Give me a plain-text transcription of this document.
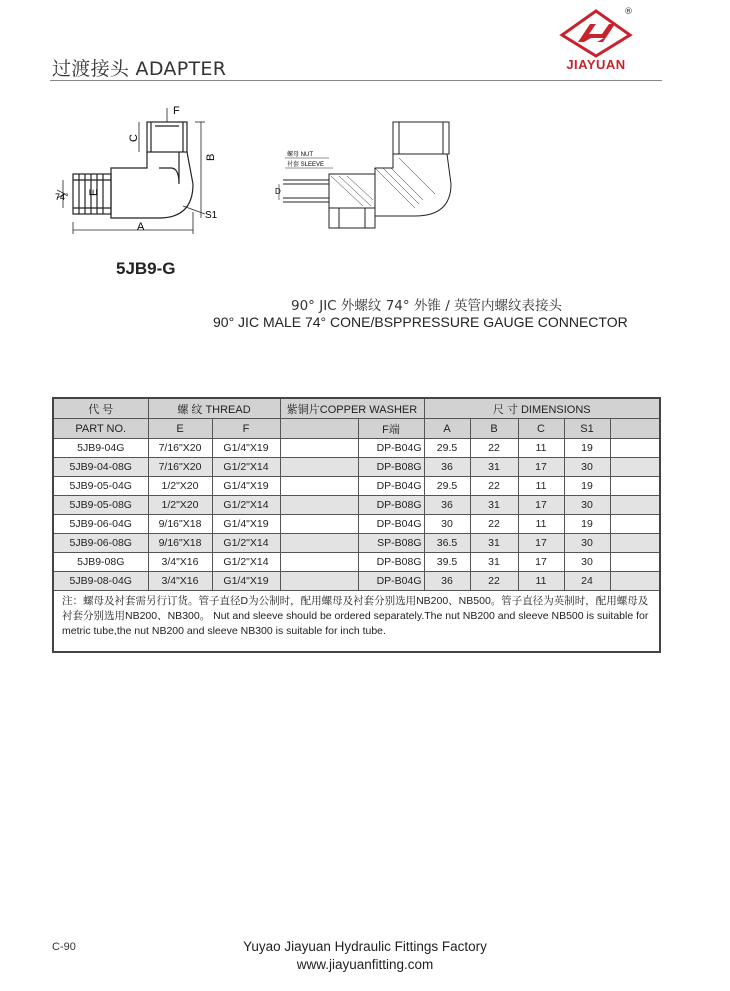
过渡接头 ADAPTER
®
JIAYUAN
F
C
B
E
74°
A
S1
螺母 NUT
衬套 SLEEVE
D
5JB9-G
90° JIC 外螺纹 74° 外锥 / 英管内螺纹表接头
90° JIC MALE 74° CONE/BSPPRESSURE GAUGE CONNECTOR
代 号	螺 纹 THREAD		紫铜片COPPER WASHER		尺 寸 DIMENSIONS				
PART NO.	E	F		F端	A	B	C	S1	
5JB9-04G	7/16"X20	G1/4"X19		DP-B04G	29.5	22	11	19	
5JB9-04-08G	7/16"X20	G1/2"X14		DP-B08G	36	31	17	30	
5JB9-05-04G	1/2"X20	G1/4"X19		DP-B04G	29.5	22	11	19	
5JB9-05-08G	1/2"X20	G1/2"X14		DP-B08G	36	31	17	30	
5JB9-06-04G	9/16"X18	G1/4"X19		DP-B04G	30	22	11	19	
5JB9-06-08G	9/16"X18	G1/2"X14		SP-B08G	36.5	31	17	30	
5JB9-08G	3/4"X16	G1/2"X14		DP-B08G	39.5	31	17	30	
5JB9-08-04G	3/4"X16	G1/4"X19		DP-B04G	36	22	11	24	
注：螺母及衬套需另行订货。管子直径D为公制时，配用螺母及衬套分别选用NB200、NB500。管子直径为英制时，配用螺母及衬套分别选用NB200、NB300。 Nut and sleeve should be ordered separately.The nut NB200 and sleeve NB500 is suitable for metric tube,the nut NB200 and sleeve NB300 is suitable for inch tube.									
C-90	Yuyao Jiayuan Hydraulic Fittings Factory
www.jiayuanfitting.com
